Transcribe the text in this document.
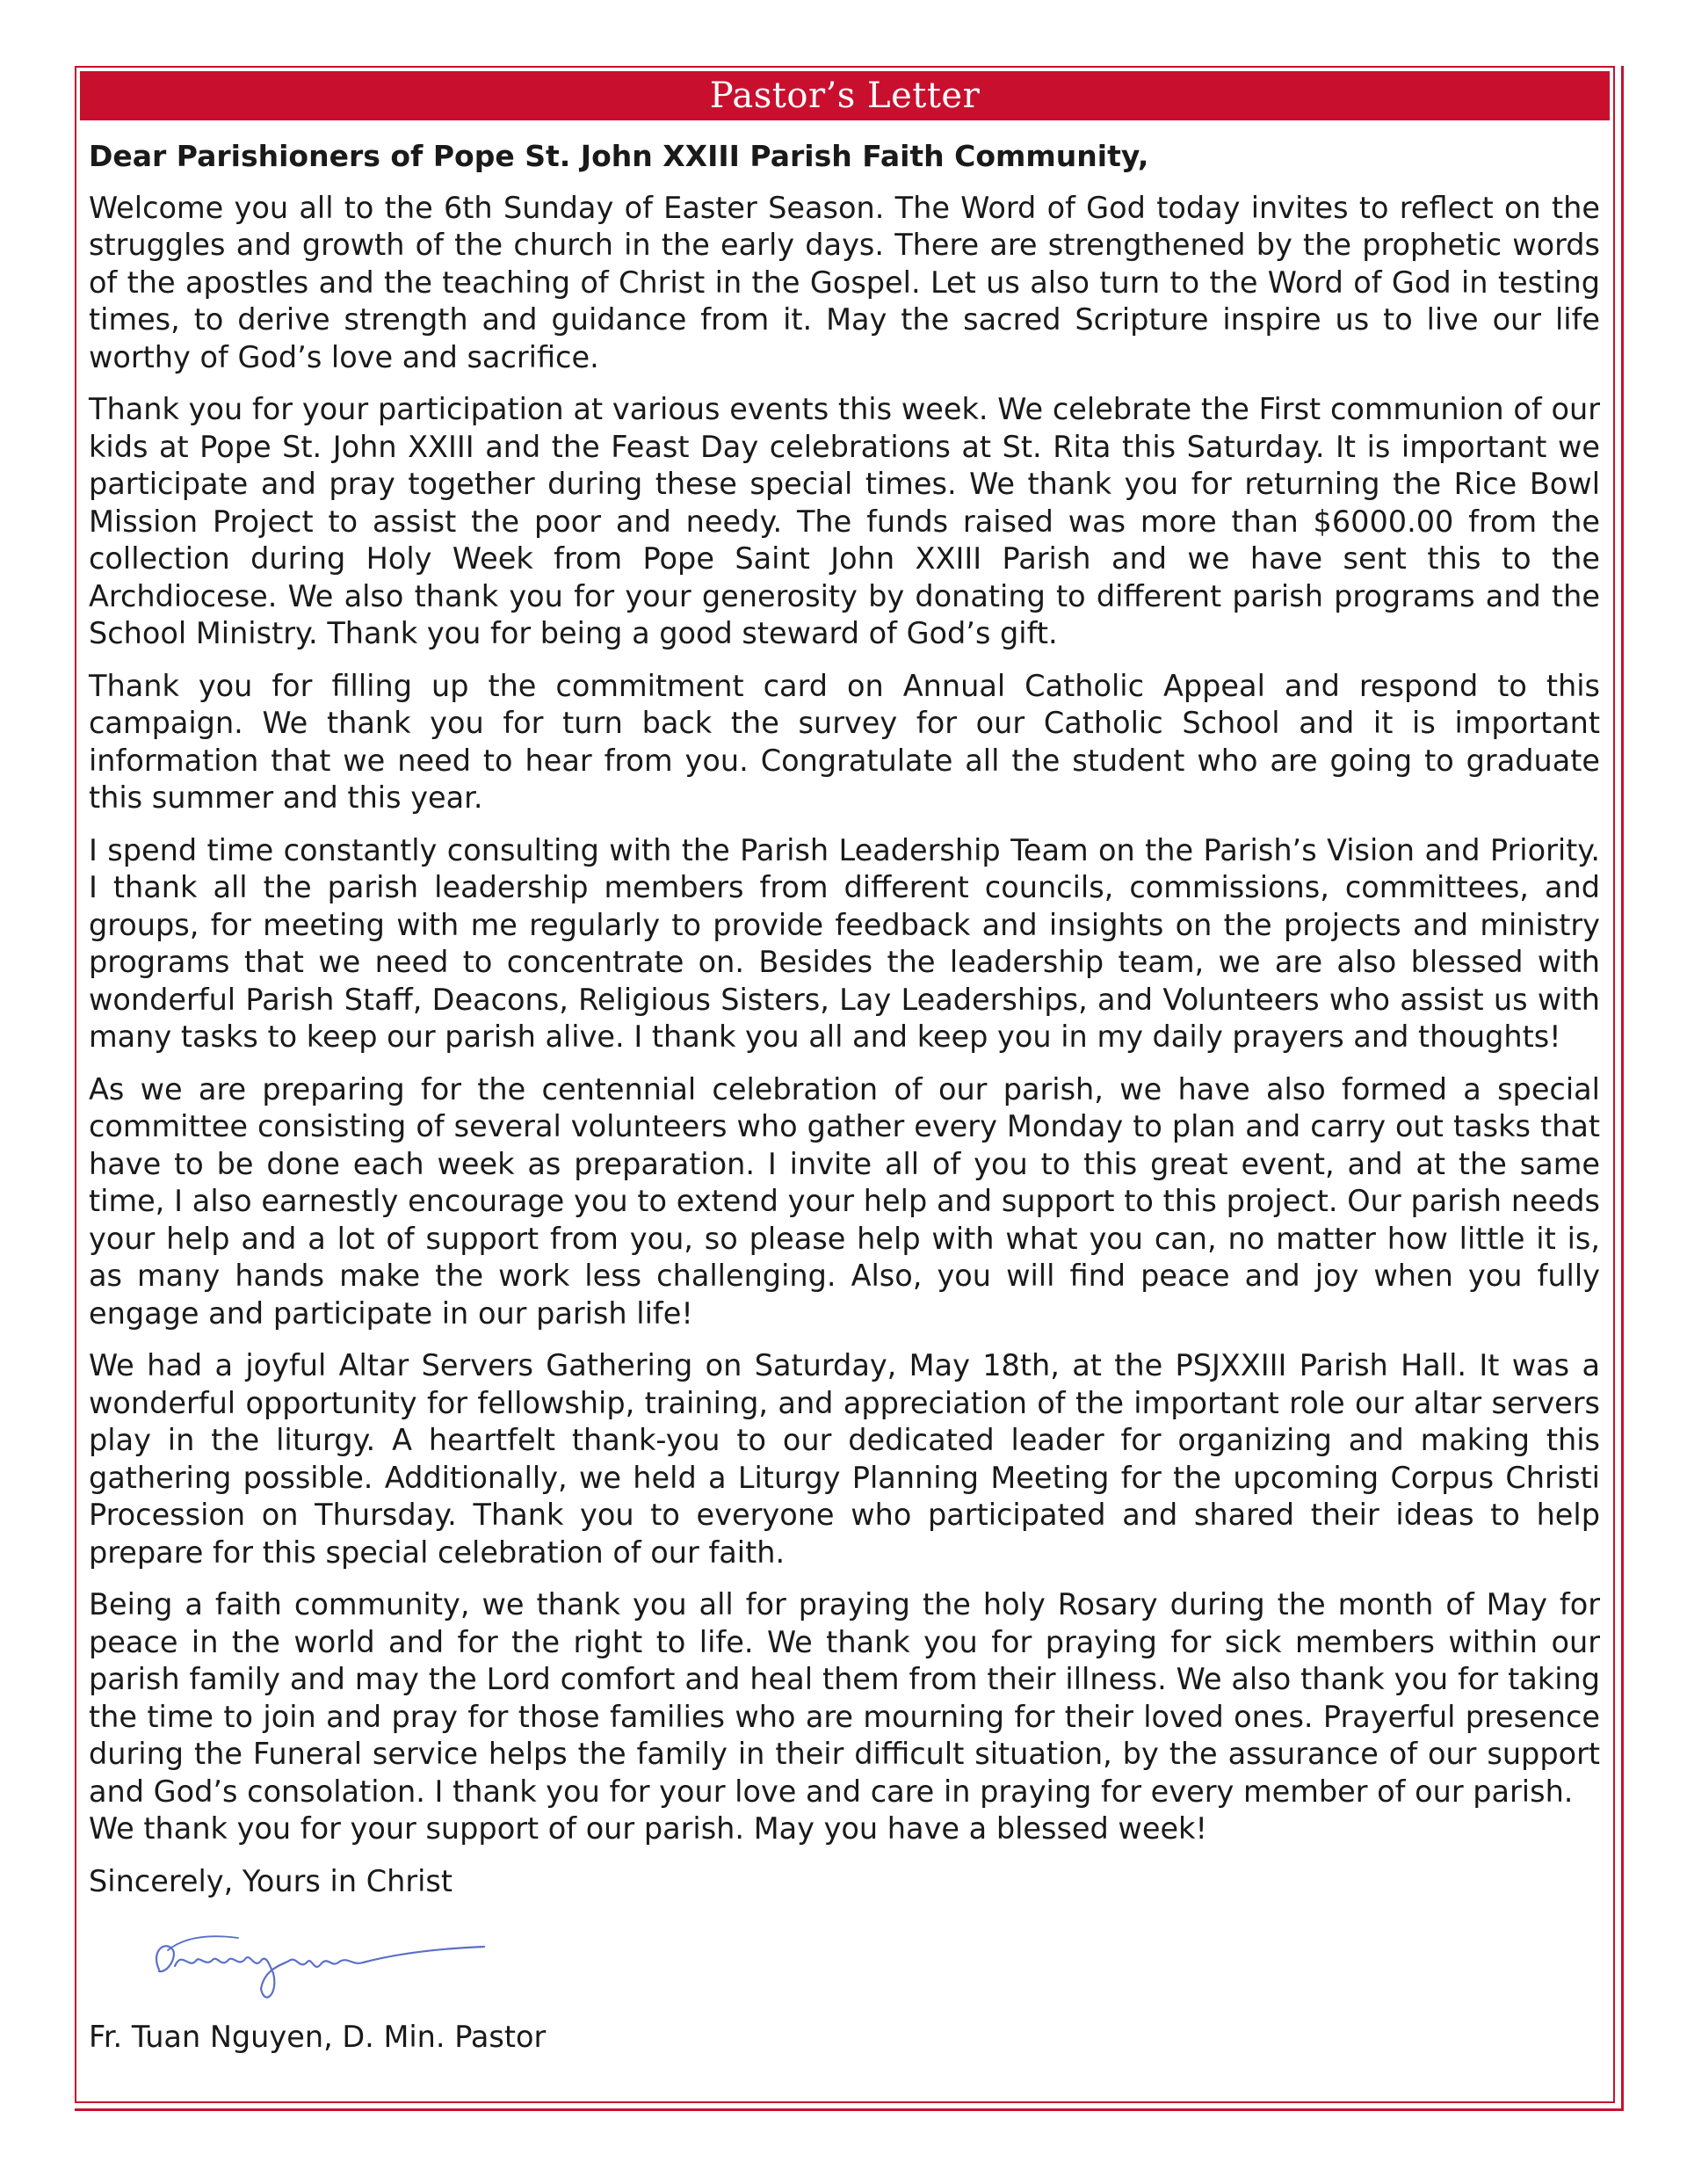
Pastor’s Letter

Dear Parishioners of Pope St. John XXIII Parish Faith Community,

Welcome you all to the 6th Sunday of Easter Season. The Word of God today invites to reflect on the struggles and growth of the church in the early days. There are strengthened by the prophetic words of the apostles and the teaching of Christ in the Gospel. Let us also turn to the Word of God in testing times, to derive strength and guidance from it. May the sacred Scripture inspire us to live our life worthy of God’s love and sacrifice.

Thank you for your participation at various events this week. We celebrate the First communion of our kids at Pope St. John XXIII and the Feast Day celebrations at St. Rita this Saturday. It is important we participate and pray together during these special times. We thank you for returning the Rice Bowl Mission Project to assist the poor and needy. The funds raised was more than $6000.00 from the collection during Holy Week from Pope Saint John XXIII Parish and we have sent this to the Archdiocese. We also thank you for your generosity by donating to different parish programs and the School Ministry. Thank you for being a good steward of God’s gift.

Thank you for filling up the commitment card on Annual Catholic Appeal and respond to this campaign. We thank you for turn back the survey for our Catholic School and it is important information that we need to hear from you. Congratulate all the student who are going to graduate this summer and this year.

I spend time constantly consulting with the Parish Leadership Team on the Parish’s Vision and Priority. I thank all the parish leadership members from different councils, commissions, committees, and groups, for meeting with me regularly to provide feedback and insights on the projects and ministry programs that we need to concentrate on. Besides the leadership team, we are also blessed with wonderful Parish Staff, Deacons, Religious Sisters, Lay Leaderships, and Volunteers who assist us with many tasks to keep our parish alive. I thank you all and keep you in my daily prayers and thoughts!

As we are preparing for the centennial celebration of our parish, we have also formed a special committee consisting of several volunteers who gather every Monday to plan and carry out tasks that have to be done each week as preparation. I invite all of you to this great event, and at the same time, I also earnestly encourage you to extend your help and support to this project. Our parish needs your help and a lot of support from you, so please help with what you can, no matter how little it is, as many hands make the work less challenging. Also, you will find peace and joy when you fully engage and participate in our parish life!

We had a joyful Altar Servers Gathering on Saturday, May 18th, at the PSJXXIII Parish Hall. It was a wonderful opportunity for fellowship, training, and appreciation of the important role our altar servers play in the liturgy. A heartfelt thank-you to our dedicated leader for organizing and making this gathering possible. Additionally, we held a Liturgy Planning Meeting for the upcoming Corpus Christi Procession on Thursday. Thank you to everyone who participated and shared their ideas to help prepare for this special celebration of our faith.

Being a faith community, we thank you all for praying the holy Rosary during the month of May for peace in the world and for the right to life. We thank you for praying for sick members within our parish family and may the Lord comfort and heal them from their illness. We also thank you for taking the time to join and pray for those families who are mourning for their loved ones. Prayerful presence during the Funeral service helps the family in their difficult situation, by the assurance of our support and God’s consolation. I thank you for your love and care in praying for every member of our parish.

We thank you for your support of our parish. May you have a blessed week!

Sincerely, Yours in Christ

Fr. Tuan Nguyen, D. Min. Pastor
